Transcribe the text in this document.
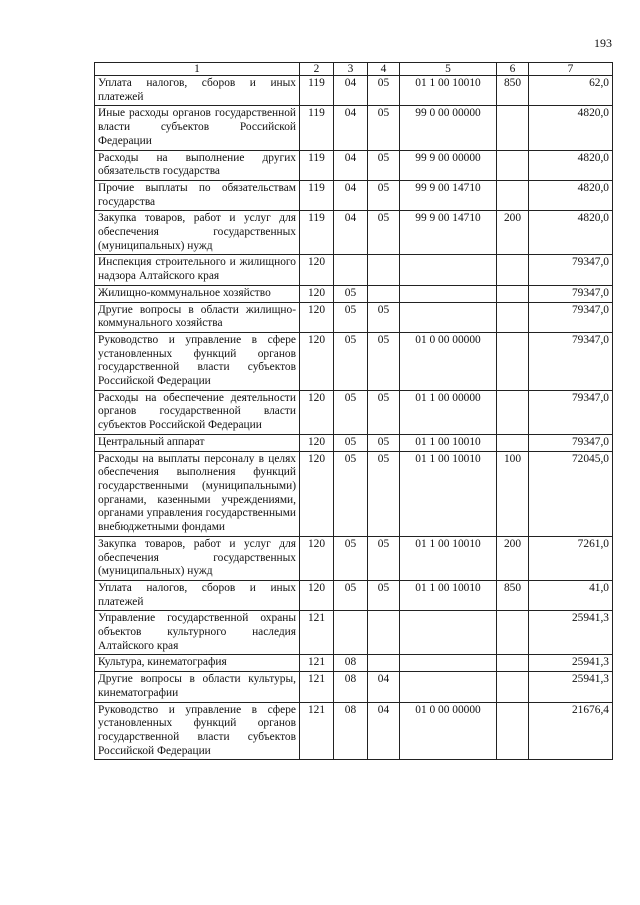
193
1	2	3	4	5	6	7
Уплата налогов, сборов и иных платежей	119	04	05	01 1 00 10010	850	62,0
Иные расходы органов государственной власти субъектов Российской Федерации	119	04	05	99 0 00 00000		4820,0
Расходы на выполнение других обязательств государства	119	04	05	99 9 00 00000		4820,0
Прочие выплаты по обязательствам государства	119	04	05	99 9 00 14710		4820,0
Закупка товаров, работ и услуг для обеспечения государственных (муниципальных) нужд	119	04	05	99 9 00 14710	200	4820,0
Инспекция строительного и жилищного надзора Алтайского края	120					79347,0
Жилищно-коммунальное хозяйство	120	05				79347,0
Другие вопросы в области жилищно-коммунального хозяйства	120	05	05			79347,0
Руководство и управление в сфере установленных функций органов государственной власти субъектов Российской Федерации	120	05	05	01 0 00 00000		79347,0
Расходы на обеспечение деятельности органов государственной власти субъектов Российской Федерации	120	05	05	01 1 00 00000		79347,0
Центральный аппарат	120	05	05	01 1 00 10010		79347,0
Расходы на выплаты персоналу в целях обеспечения выполнения функций государственными (муниципальными) органами, казенными учреждениями, органами управления государственными внебюджетными фондами	120	05	05	01 1 00 10010	100	72045,0
Закупка товаров, работ и услуг для обеспечения государственных (муниципальных) нужд	120	05	05	01 1 00 10010	200	7261,0
Уплата налогов, сборов и иных платежей	120	05	05	01 1 00 10010	850	41,0
Управление государственной охраны объектов культурного наследия Алтайского края	121					25941,3
Культура, кинематография	121	08				25941,3
Другие вопросы в области культуры, кинематографии	121	08	04			25941,3
Руководство и управление в сфере установленных функций органов государственной власти субъектов Российской Федерации	121	08	04	01 0 00 00000		21676,4
